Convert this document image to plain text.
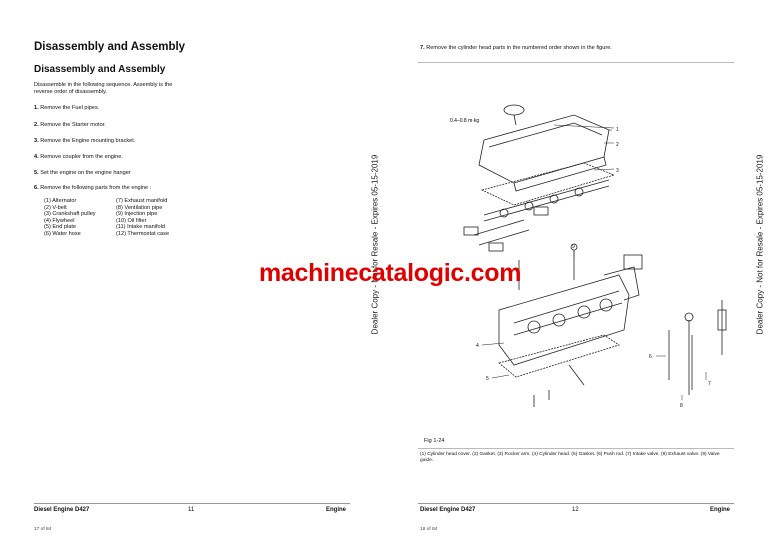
Disassembly and Assembly
Disassembly and Assembly
Disassemble in the following sequence. Assembly is the reverse order of disassembly.
1. Remove the Fuel pipes.
2. Remove the Starter motor.
3. Remove the Engine mounting bracket.
4. Remove coupler from the engine.
5. Set the engine on the engine hanger
6. Remove the following parts from the engine :
(1) Alternator	(7) Exhaust manifold
(2) V-belt	(8) Ventilation pipe
(3) Crankshaft pulley	(9) Injection pipe
(4) Flywheel	(10) Oil filter
(5) End plate	(11) Intake manifold
(6) Water hose	(12) Thermostat case
Diesel Engine D427	11	Engine
17 of 84
Dealer Copy - Not for Resale - Expires 05-15-2019	Dealer Copy - Not for Resale - Expires 05-15-2019
7. Remove the cylinder head parts in the numbered order shown in the figure.
Fig 1-24
(1) Cylinder head cover. (2) Gasket. (3) Rocker arm. (4) Cylinder head. (5) Gasket. (6) Push rod. (7) Intake valve. (8) Exhaust valve. (9) Valve guide.
Diesel Engine D427	12	Engine
18 of 84
0.4–0.8 m·kg
1
2
3
4
5
6
7
8
9
machinecatalogic.com
